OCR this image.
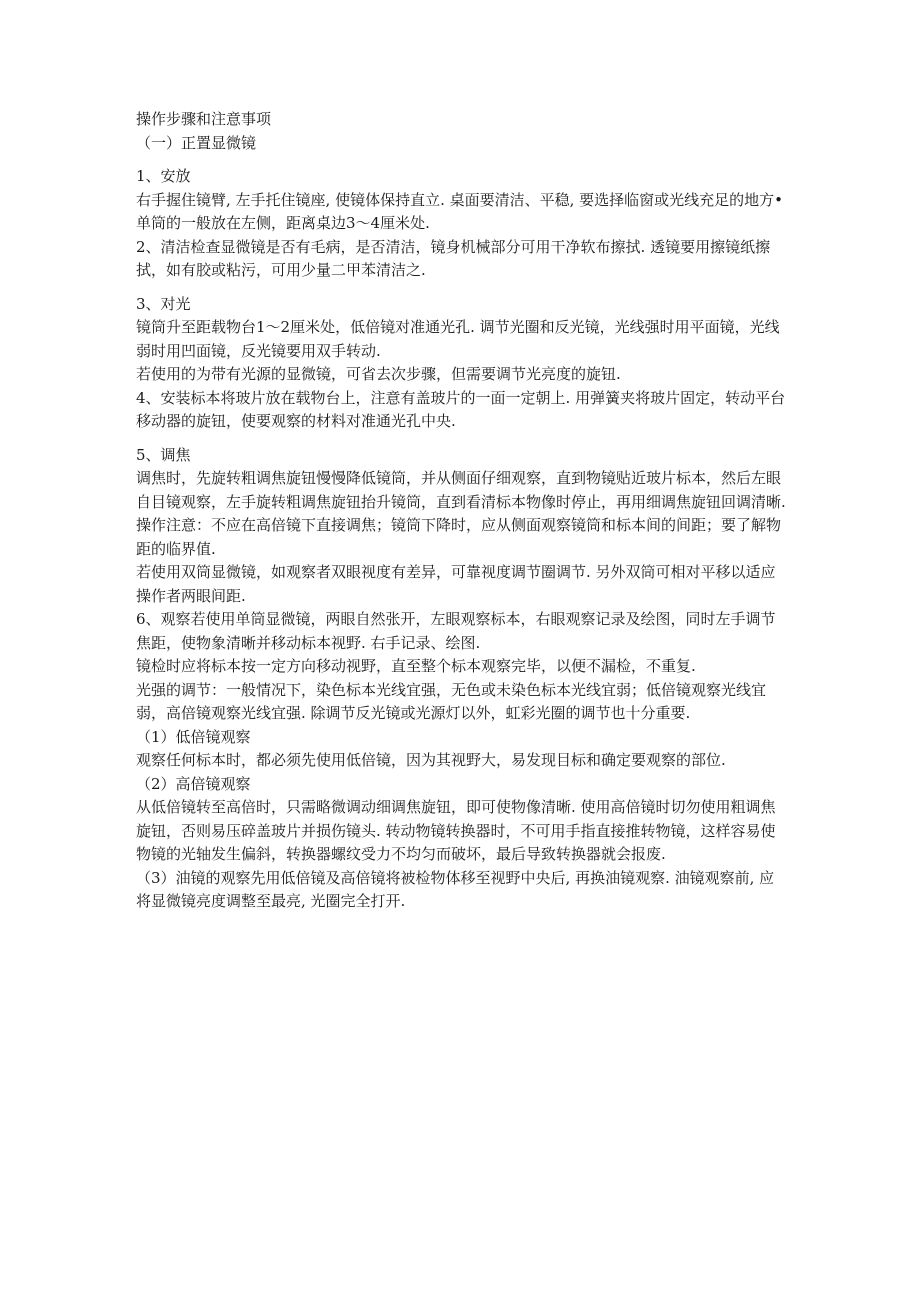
操作步骤和注意事项
（一）正置显微镜
1、安放

右手握住镜臂, 左手托住镜座, 使镜体保持直立. 桌面要清洁、平稳, 要选择临窗或光线充足的地方•单筒的一般放在左侧，距离桌边3～4厘米处.

2、清洁检查显微镜是否有毛病，是否清洁，镜身机械部分可用干净软布擦拭. 透镜要用擦镜纸擦拭，如有胶或粘污，可用少量二甲苯清洁之.

3、对光

镜筒升至距载物台1～2厘米处，低倍镜对准通光孔. 调节光圈和反光镜，光线强时用平面镜，光线弱时用凹面镜，反光镜要用双手转动.

若使用的为带有光源的显微镜，可省去次步骤，但需要调节光亮度的旋钮.

4、安装标本将玻片放在载物台上，注意有盖玻片的一面一定朝上. 用弹簧夹将玻片固定，转动平台移动器的旋钮，使要观察的材料对准通光孔中央.

5、调焦

调焦时，先旋转粗调焦旋钮慢慢降低镜筒，并从侧面仔细观察，直到物镜贴近玻片标本，然后左眼自目镜观察，左手旋转粗调焦旋钮抬升镜筒，直到看清标本物像时停止，再用细调焦旋钮回调清晰.

操作注意：不应在高倍镜下直接调焦；镜筒下降时，应从侧面观察镜筒和标本间的间距；要了解物距的临界值.

若使用双筒显微镜，如观察者双眼视度有差异，可靠视度调节圈调节. 另外双筒可相对平移以适应操作者两眼间距.

6、观察若使用单筒显微镜，两眼自然张开，左眼观察标本，右眼观察记录及绘图，同时左手调节焦距，使物象清晰并移动标本视野. 右手记录、绘图.

镜检时应将标本按一定方向移动视野，直至整个标本观察完毕，以便不漏检，不重复.

光强的调节：一般情况下，染色标本光线宜强，无色或未染色标本光线宜弱；低倍镜观察光线宜弱，高倍镜观察光线宜强. 除调节反光镜或光源灯以外，虹彩光圈的调节也十分重要.

（1）低倍镜观察

观察任何标本时，都必须先使用低倍镜，因为其视野大，易发现目标和确定要观察的部位.

（2）高倍镜观察

从低倍镜转至高倍时，只需略微调动细调焦旋钮，即可使物像清晰. 使用高倍镜时切勿使用粗调焦旋钮，否则易压碎盖玻片并损伤镜头. 转动物镜转换器时，不可用手指直接推转物镜，这样容易使物镜的光轴发生偏斜，转换器螺纹受力不均匀而破坏，最后导致转换器就会报废.

（3）油镜的观察先用低倍镜及高倍镜将被检物体移至视野中央后, 再换油镜观察. 油镜观察前, 应将显微镜亮度调整至最亮, 光圈完全打开.
